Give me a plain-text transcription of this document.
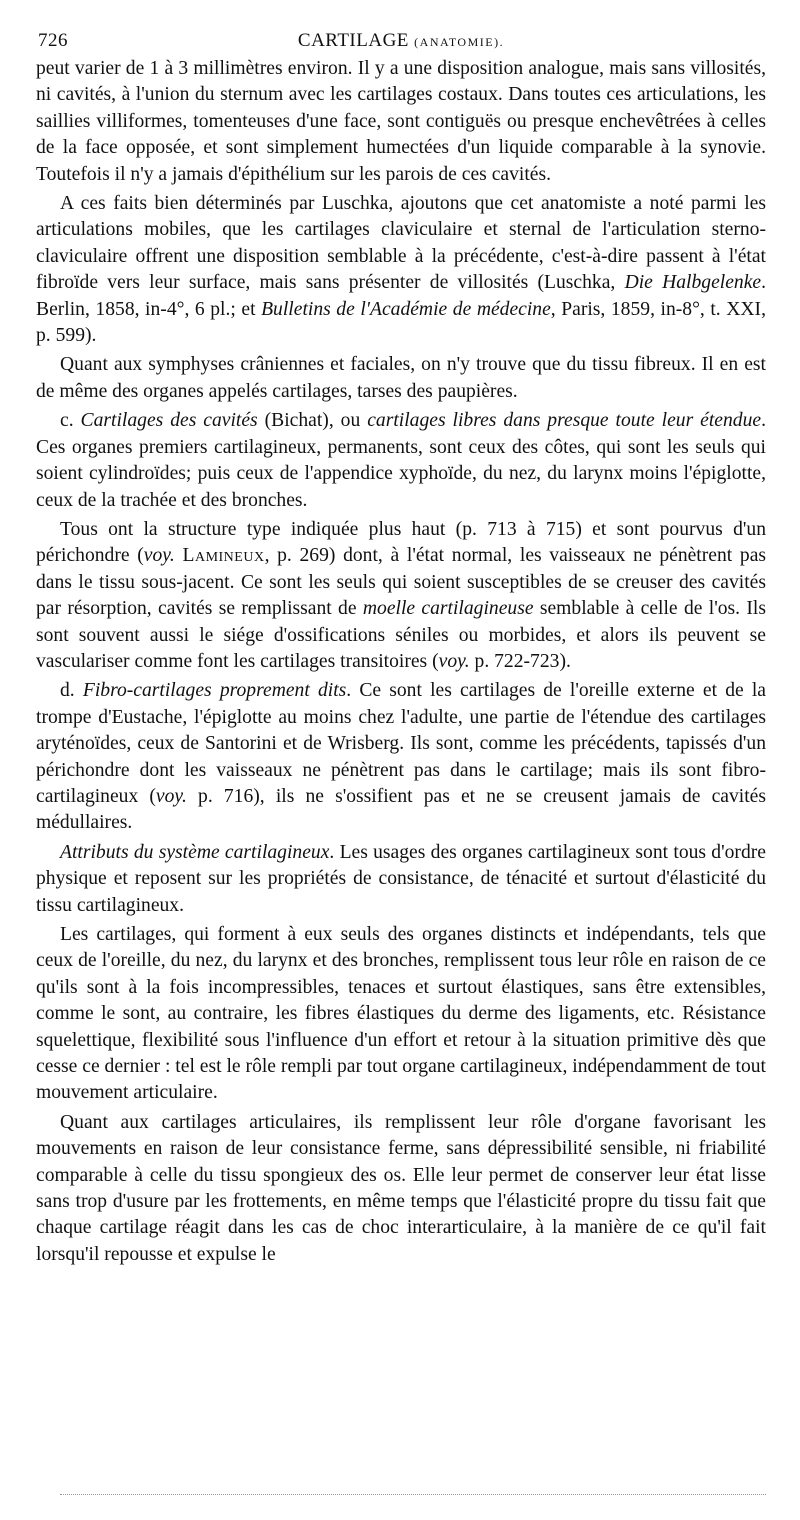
726	CARTILAGE (ANATOMIE).

peut varier de 1 à 3 millimètres environ. Il y a une disposition analogue, mais sans villosités, ni cavités, à l'union du sternum avec les cartilages costaux. Dans toutes ces articulations, les saillies villiformes, tomenteuses d'une face, sont contiguës ou presque enchevêtrées à celles de la face opposée, et sont simplement humectées d'un liquide comparable à la synovie. Toutefois il n'y a jamais d'épithélium sur les parois de ces cavités.

A ces faits bien déterminés par Luschka, ajoutons que cet anatomiste a noté parmi les articulations mobiles, que les cartilages claviculaire et sternal de l'articulation sterno-claviculaire offrent une disposition semblable à la précédente, c'est-à-dire passent à l'état fibroïde vers leur surface, mais sans présenter de villosités (Luschka, Die Halbgelenke. Berlin, 1858, in-4°, 6 pl.; et Bulletins de l'Académie de médecine, Paris, 1859, in-8°, t. XXI, p. 599).

Quant aux symphyses crâniennes et faciales, on n'y trouve que du tissu fibreux. Il en est de même des organes appelés cartilages, tarses des paupières.

c. Cartilages des cavités (Bichat), ou cartilages libres dans presque toute leur étendue. Ces organes premiers cartilagineux, permanents, sont ceux des côtes, qui sont les seuls qui soient cylindroïdes; puis ceux de l'appendice xyphoïde, du nez, du larynx moins l'épiglotte, ceux de la trachée et des bronches.

Tous ont la structure type indiquée plus haut (p. 713 à 715) et sont pourvus d'un périchondre (voy. Lamineux, p. 269) dont, à l'état normal, les vaisseaux ne pénètrent pas dans le tissu sous-jacent. Ce sont les seuls qui soient susceptibles de se creuser des cavités par résorption, cavités se remplissant de moelle cartilagineuse semblable à celle de l'os. Ils sont souvent aussi le siége d'ossifications séniles ou morbides, et alors ils peuvent se vasculariser comme font les cartilages transitoires (voy. p. 722-723).

d. Fibro-cartilages proprement dits. Ce sont les cartilages de l'oreille externe et de la trompe d'Eustache, l'épiglotte au moins chez l'adulte, une partie de l'étendue des cartilages aryténoïdes, ceux de Santorini et de Wrisberg. Ils sont, comme les précédents, tapissés d'un périchondre dont les vaisseaux ne pénètrent pas dans le cartilage; mais ils sont fibro-cartilagineux (voy. p. 716), ils ne s'ossifient pas et ne se creusent jamais de cavités médullaires.

Attributs du système cartilagineux. Les usages des organes cartilagineux sont tous d'ordre physique et reposent sur les propriétés de consistance, de ténacité et surtout d'élasticité du tissu cartilagineux.

Les cartilages, qui forment à eux seuls des organes distincts et indépendants, tels que ceux de l'oreille, du nez, du larynx et des bronches, remplissent tous leur rôle en raison de ce qu'ils sont à la fois incompressibles, tenaces et surtout élastiques, sans être extensibles, comme le sont, au contraire, les fibres élastiques du derme des ligaments, etc. Résistance squelettique, flexibilité sous l'influence d'un effort et retour à la situation primitive dès que cesse ce dernier : tel est le rôle rempli par tout organe cartilagineux, indépendamment de tout mouvement articulaire.

Quant aux cartilages articulaires, ils remplissent leur rôle d'organe favorisant les mouvements en raison de leur consistance ferme, sans dépressibilité sensible, ni friabilité comparable à celle du tissu spongieux des os. Elle leur permet de conserver leur état lisse sans trop d'usure par les frottements, en même temps que l'élasticité propre du tissu fait que chaque cartilage réagit dans les cas de choc interarticulaire, à la manière de ce qu'il fait lorsqu'il repousse et expulse le
